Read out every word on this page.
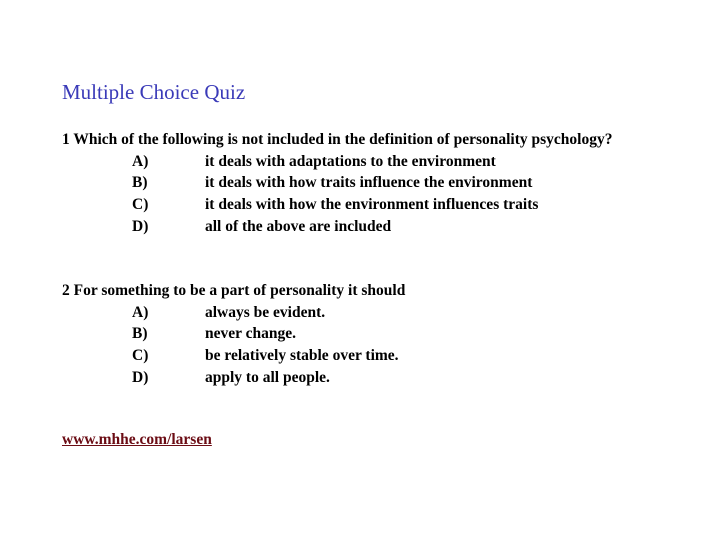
Multiple Choice Quiz
1 Which of the following is not included in the definition of personality psychology?
A)	it deals with adaptations to the environment
B)	it deals with how traits influence the environment
C)	it deals with how the environment influences traits
D)	all of the above are included
2 For something to be a part of personality it should
A)	always be evident.
B)	never change.
C)	be relatively stable over time.
D)	apply to all people.
www.mhhe.com/larsen
